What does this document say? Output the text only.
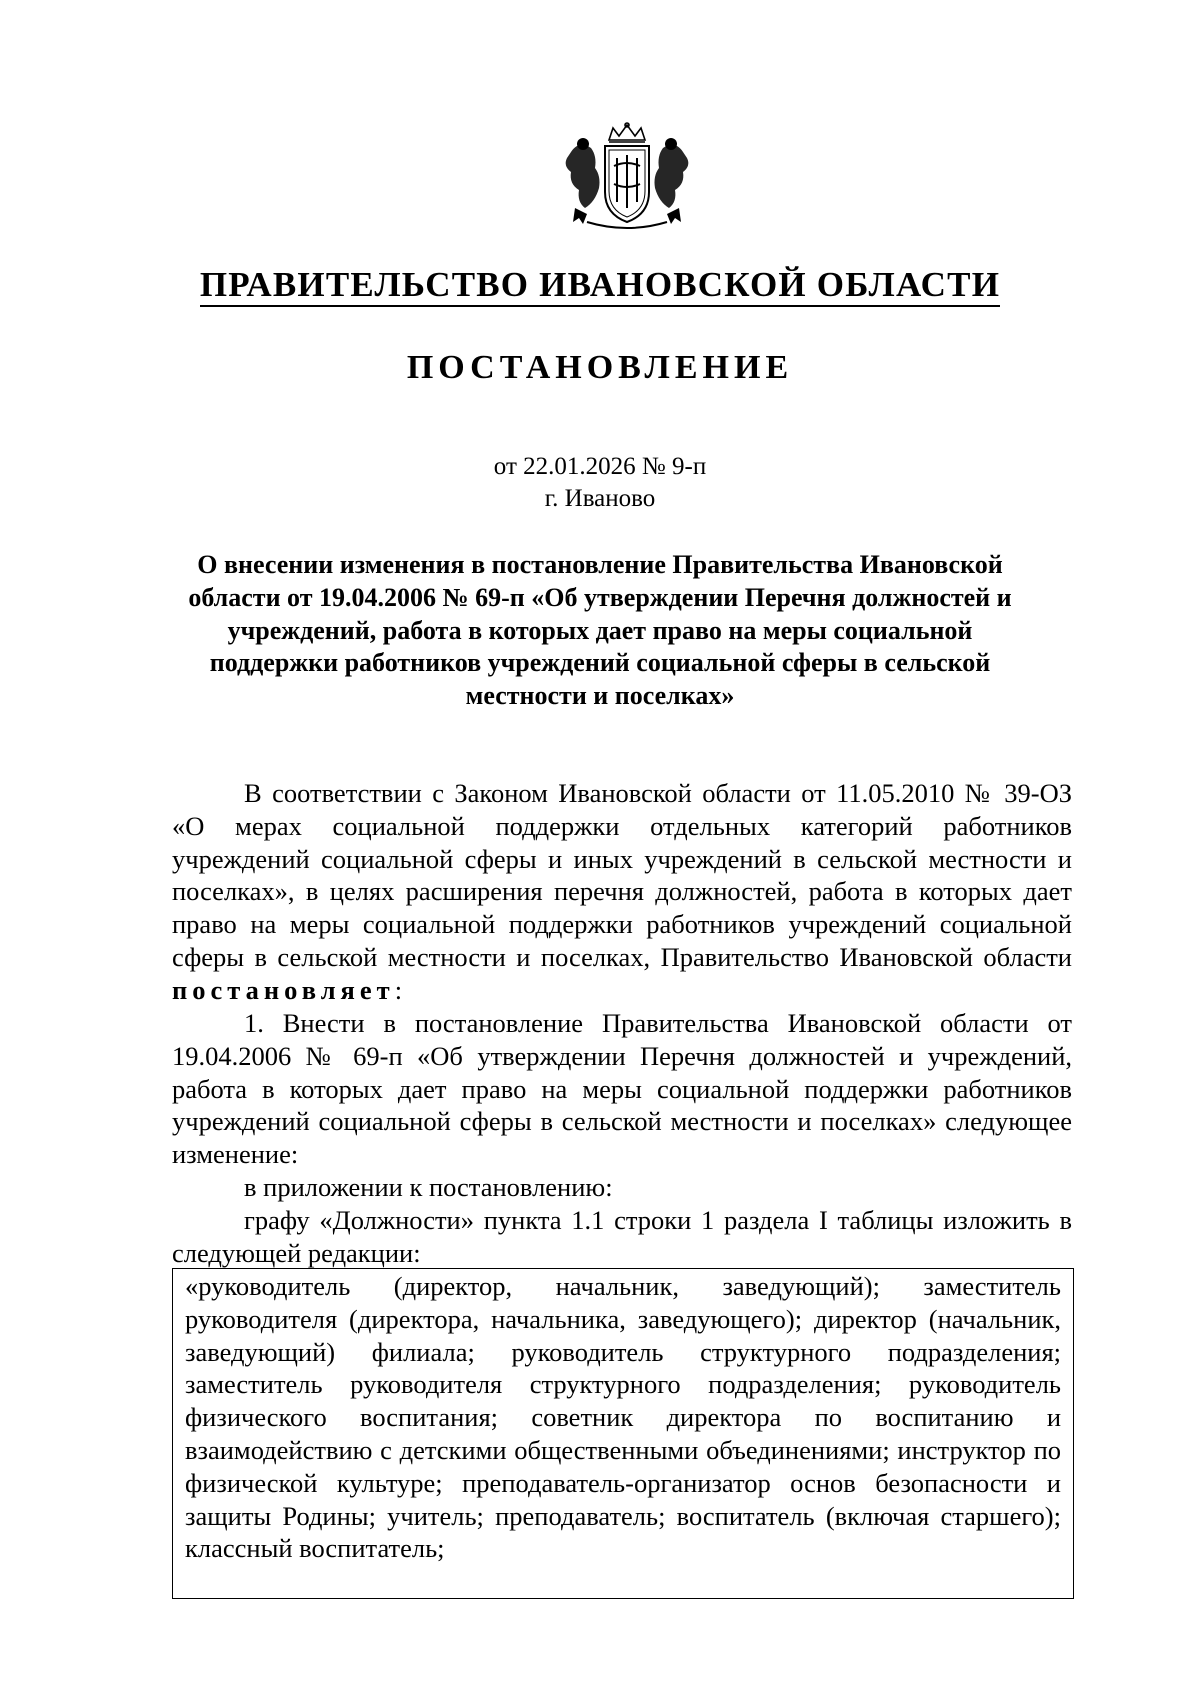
ПРАВИТЕЛЬСТВО ИВАНОВСКОЙ ОБЛАСТИ
ПОСТАНОВЛЕНИЕ
от 22.01.2026 № 9-п
г. Иваново
О внесении изменения в постановление Правительства Ивановской области от 19.04.2006 № 69-п «Об утверждении Перечня должностей и учреждений, работа в которых дает право на меры социальной поддержки работников учреждений социальной сферы в сельской местности и поселках»

В соответствии с Законом Ивановской области от 11.05.2010 № 39-ОЗ «О мерах социальной поддержки отдельных категорий работников учреждений социальной сферы и иных учреждений в сельской местности и поселках», в целях расширения перечня должностей, работа в которых дает право на меры социальной поддержки работников учреждений социальной сферы в сельской местности и поселках, Правительство Ивановской области постановляет:

1. Внести в постановление Правительства Ивановской области от 19.04.2006 № 69-п «Об утверждении Перечня должностей и учреждений, работа в которых дает право на меры социальной поддержки работников учреждений социальной сферы в сельской местности и поселках» следующее изменение:

в приложении к постановлению:

графу «Должности» пункта 1.1 строки 1 раздела I таблицы изложить в следующей редакции:

«руководитель (директор, начальник, заведующий); заместитель руководителя (директора, начальника, заведующего); директор (начальник, заведующий) филиала; руководитель структурного подразделения; заместитель руководителя структурного подразделения; руководитель физического воспитания; советник директора по воспитанию и взаимодействию с детскими общественными объединениями; инструктор по физической культуре; преподаватель-организатор основ безопасности и защиты Родины; учитель; преподаватель; воспитатель (включая старшего); классный воспитатель;
